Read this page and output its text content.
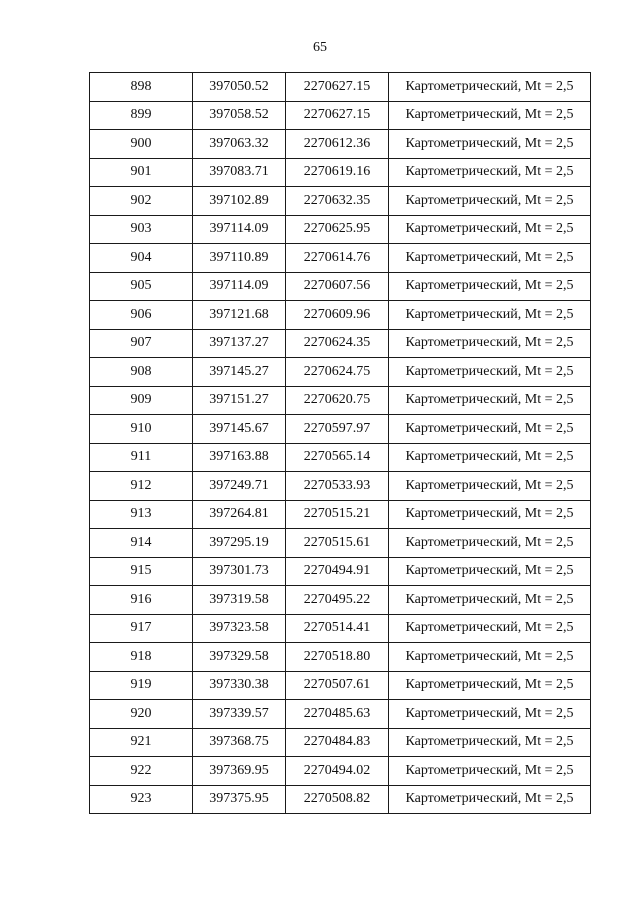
65
898	397050.52	2270627.15	Картометрический, Mt = 2,5
899	397058.52	2270627.15	Картометрический, Mt = 2,5
900	397063.32	2270612.36	Картометрический, Mt = 2,5
901	397083.71	2270619.16	Картометрический, Mt = 2,5
902	397102.89	2270632.35	Картометрический, Mt = 2,5
903	397114.09	2270625.95	Картометрический, Mt = 2,5
904	397110.89	2270614.76	Картометрический, Mt = 2,5
905	397114.09	2270607.56	Картометрический, Mt = 2,5
906	397121.68	2270609.96	Картометрический, Mt = 2,5
907	397137.27	2270624.35	Картометрический, Mt = 2,5
908	397145.27	2270624.75	Картометрический, Mt = 2,5
909	397151.27	2270620.75	Картометрический, Mt = 2,5
910	397145.67	2270597.97	Картометрический, Mt = 2,5
911	397163.88	2270565.14	Картометрический, Mt = 2,5
912	397249.71	2270533.93	Картометрический, Mt = 2,5
913	397264.81	2270515.21	Картометрический, Mt = 2,5
914	397295.19	2270515.61	Картометрический, Mt = 2,5
915	397301.73	2270494.91	Картометрический, Mt = 2,5
916	397319.58	2270495.22	Картометрический, Mt = 2,5
917	397323.58	2270514.41	Картометрический, Mt = 2,5
918	397329.58	2270518.80	Картометрический, Mt = 2,5
919	397330.38	2270507.61	Картометрический, Mt = 2,5
920	397339.57	2270485.63	Картометрический, Mt = 2,5
921	397368.75	2270484.83	Картометрический, Mt = 2,5
922	397369.95	2270494.02	Картометрический, Mt = 2,5
923	397375.95	2270508.82	Картометрический, Mt = 2,5
